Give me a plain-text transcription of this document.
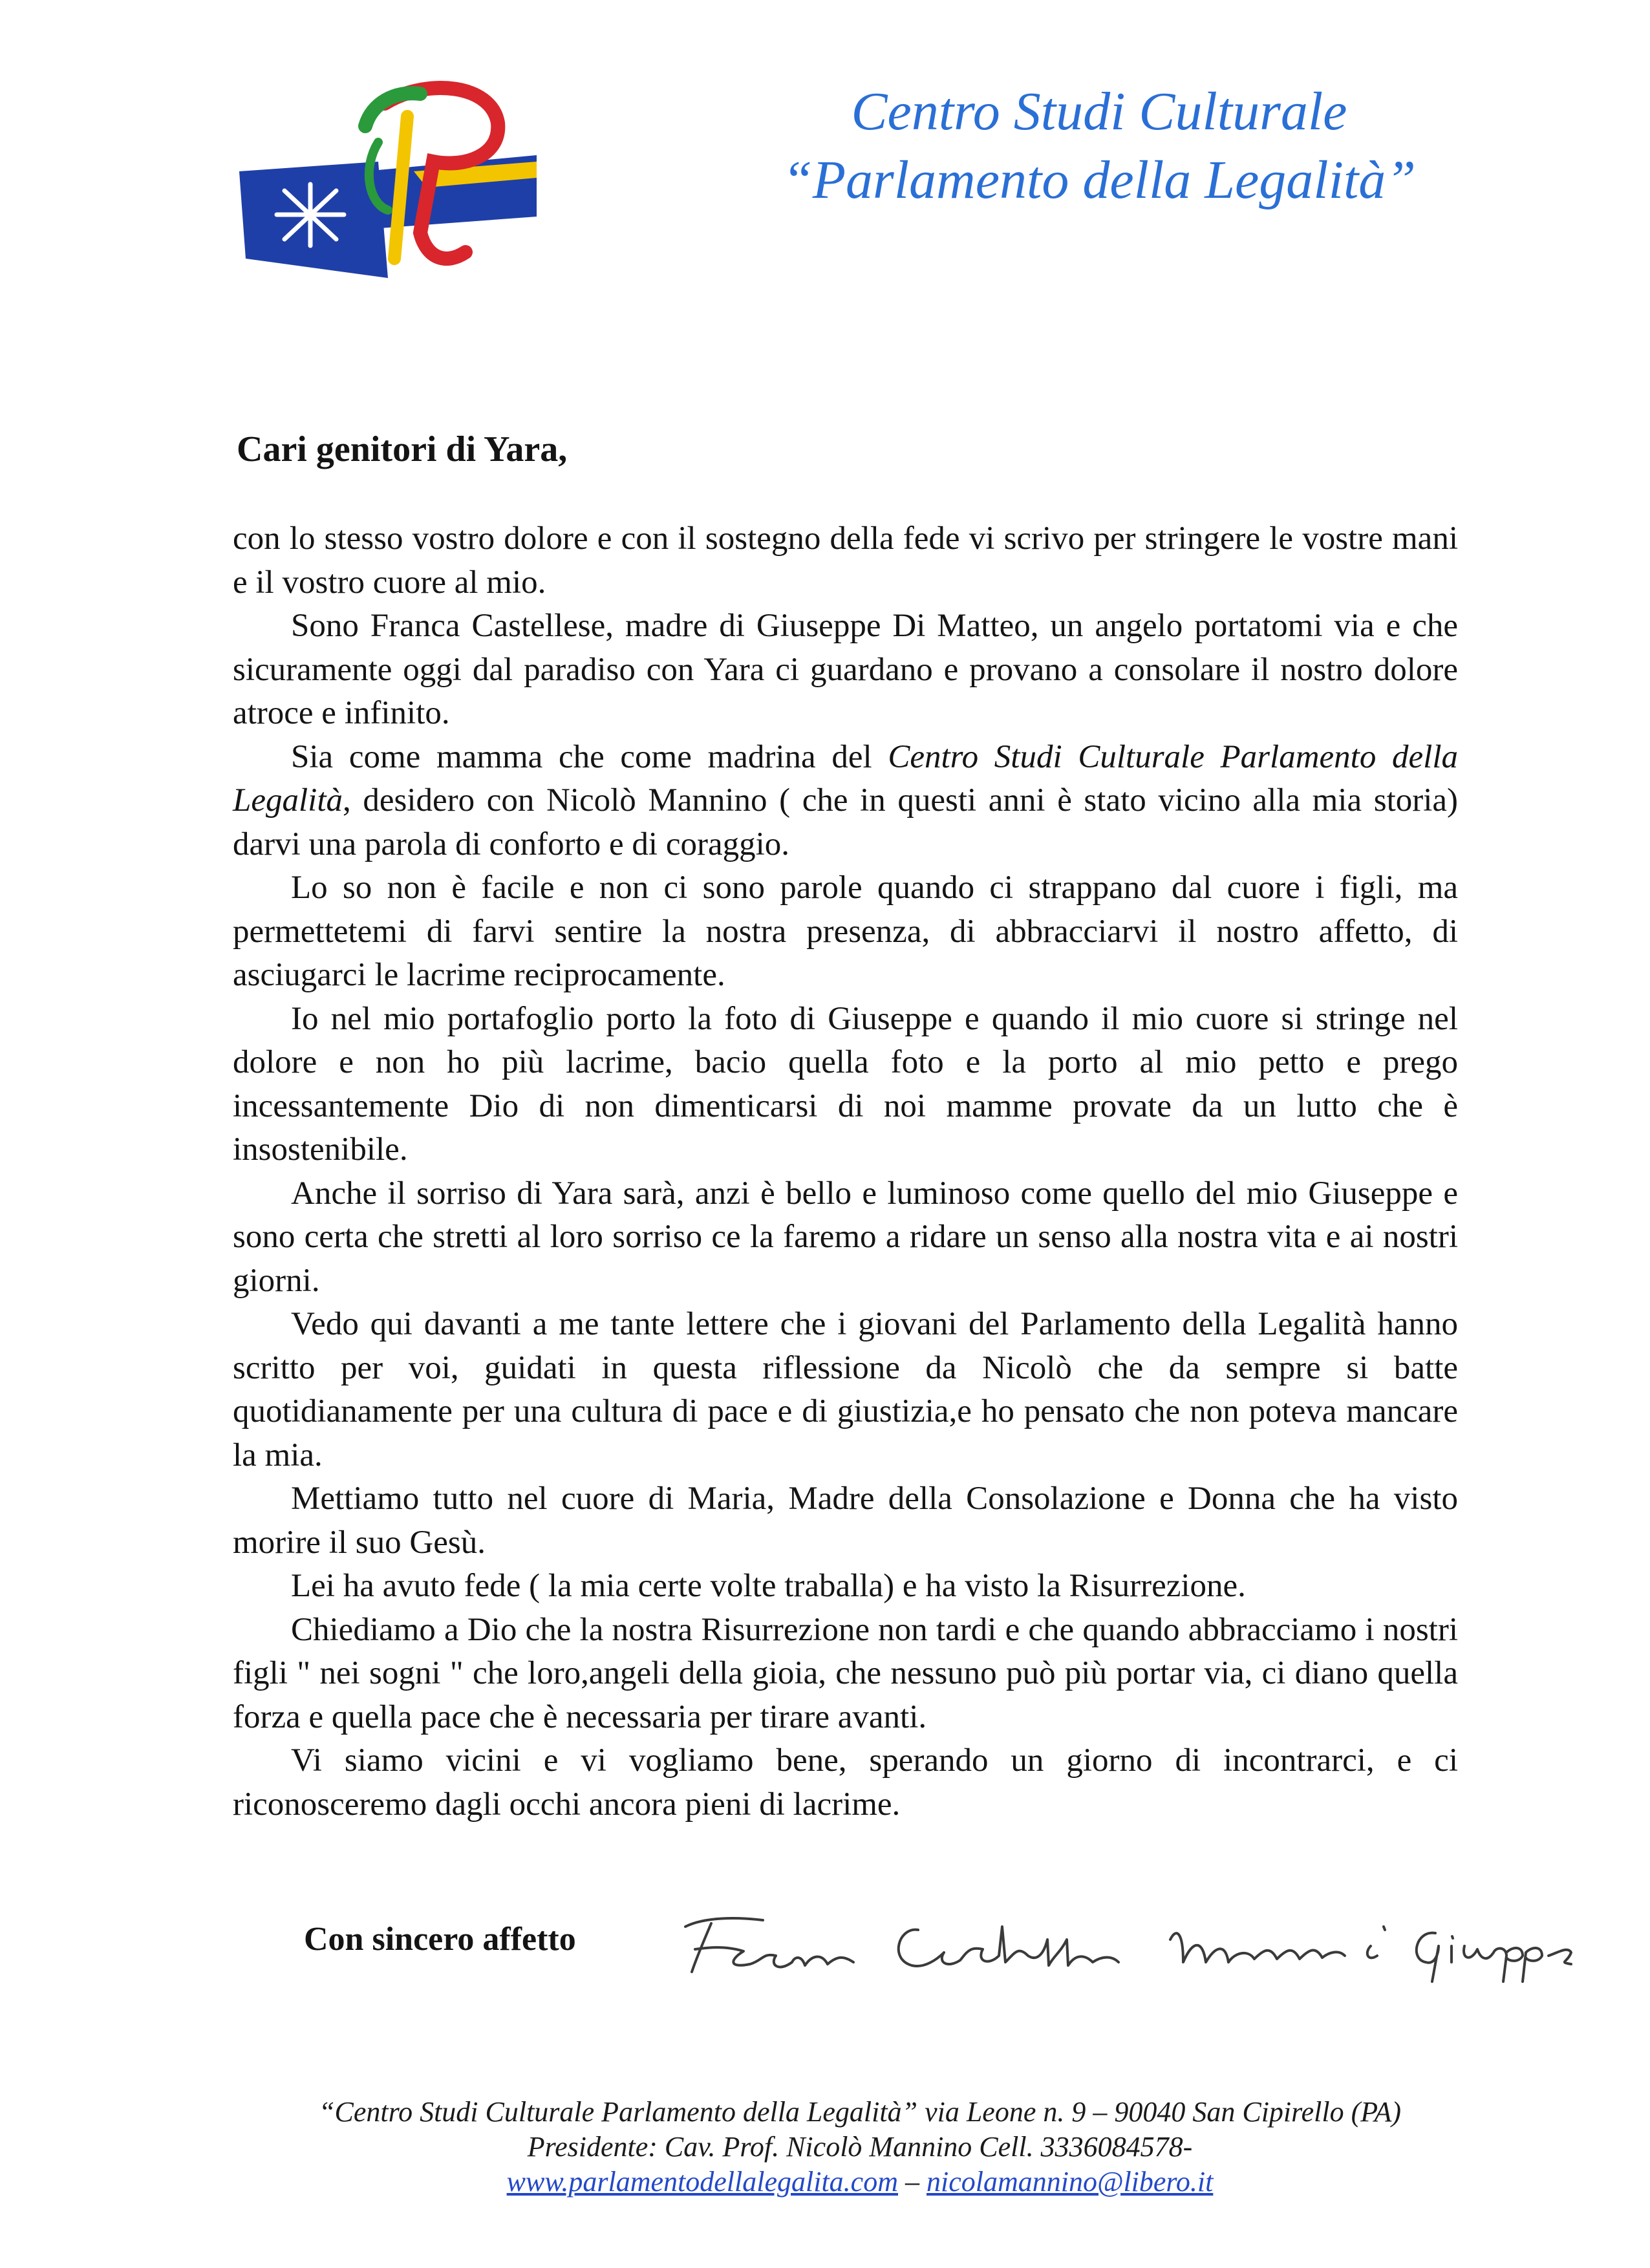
Centro Studi Culturale
“Parlamento della Legalità”
Cari genitori di Yara,

con lo stesso vostro dolore e con il sostegno della fede vi scrivo per stringere le vostre mani e il vostro cuore al mio.

Sono Franca Castellese, madre di Giuseppe Di Matteo, un angelo portatomi via e che sicuramente oggi dal paradiso con Yara ci guardano e provano a consolare il nostro dolore atroce e infinito.

Sia come mamma che come madrina del Centro Studi Culturale Parlamento della Legalità, desidero con Nicolò Mannino ( che in questi anni è stato vicino alla mia storia) darvi una parola di conforto e di coraggio.

Lo so non è facile e non ci sono parole quando ci strappano dal cuore i figli, ma permettetemi di farvi sentire la nostra presenza, di abbracciarvi il nostro affetto, di asciugarci le lacrime reciprocamente.

Io nel mio portafoglio porto la foto di Giuseppe e quando il mio cuore si stringe nel dolore e non ho più lacrime, bacio quella foto e la porto al mio petto e prego incessantemente Dio di non dimenticarsi di noi mamme provate da un lutto che è insostenibile.

Anche il sorriso di Yara sarà, anzi è bello e luminoso come quello del mio Giuseppe e sono certa che stretti al loro sorriso ce la faremo a ridare un senso alla nostra vita e ai nostri giorni.

Vedo qui davanti a me tante lettere che i giovani del Parlamento della Legalità hanno scritto per voi, guidati in questa riflessione da Nicolò che da sempre si batte quotidianamente per una cultura di pace e di giustizia,e ho pensato che non poteva mancare la mia.

Mettiamo tutto nel cuore di Maria, Madre della Consolazione e Donna che ha visto morire il suo Gesù.

Lei ha avuto fede ( la mia certe volte traballa) e ha visto la Risurrezione.

Chiediamo a Dio che la nostra Risurrezione non tardi e che quando abbracciamo i nostri figli " nei sogni " che loro,angeli della gioia, che nessuno può più portar via, ci diano quella forza e quella pace che è necessaria per tirare avanti.

Vi siamo vicini e vi vogliamo bene, sperando un giorno di incontrarci, e ci riconosceremo dagli occhi ancora pieni di lacrime.

Con sincero affetto
“Centro Studi Culturale Parlamento della Legalità” via Leone n. 9 – 90040 San Cipirello (PA)
Presidente: Cav. Prof. Nicolò Mannino Cell. 3336084578-
www.parlamentodellalegalita.com – nicolamannino@libero.it
